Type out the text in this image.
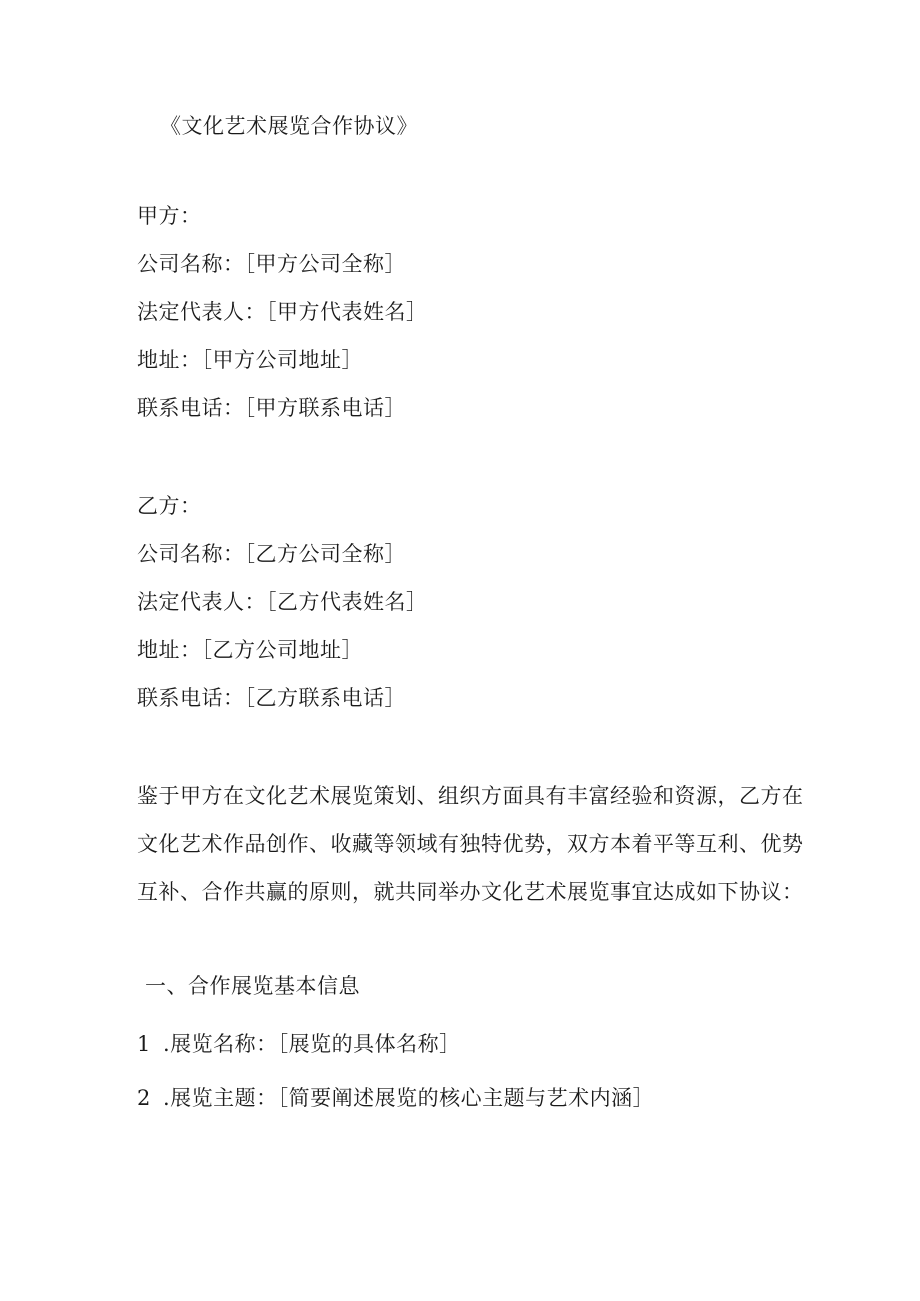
《文化艺术展览合作协议》
甲方：
公司名称：［甲方公司全称］
法定代表人：［甲方代表姓名］
地址：［甲方公司地址］
联系电话：［甲方联系电话］
乙方：
公司名称：［乙方公司全称］
法定代表人：［乙方代表姓名］
地址：［乙方公司地址］
联系电话：［乙方联系电话］
鉴于甲方在文化艺术展览策划、组织方面具有丰富经验和资源，乙方在
文化艺术作品创作、收藏等领域有独特优势，双方本着平等互利、优势
互补、合作共赢的原则，就共同举办文化艺术展览事宜达成如下协议：
一、合作展览基本信息
1 .展览名称：［展览的具体名称］
2 .展览主题：［简要阐述展览的核心主题与艺术内涵］
